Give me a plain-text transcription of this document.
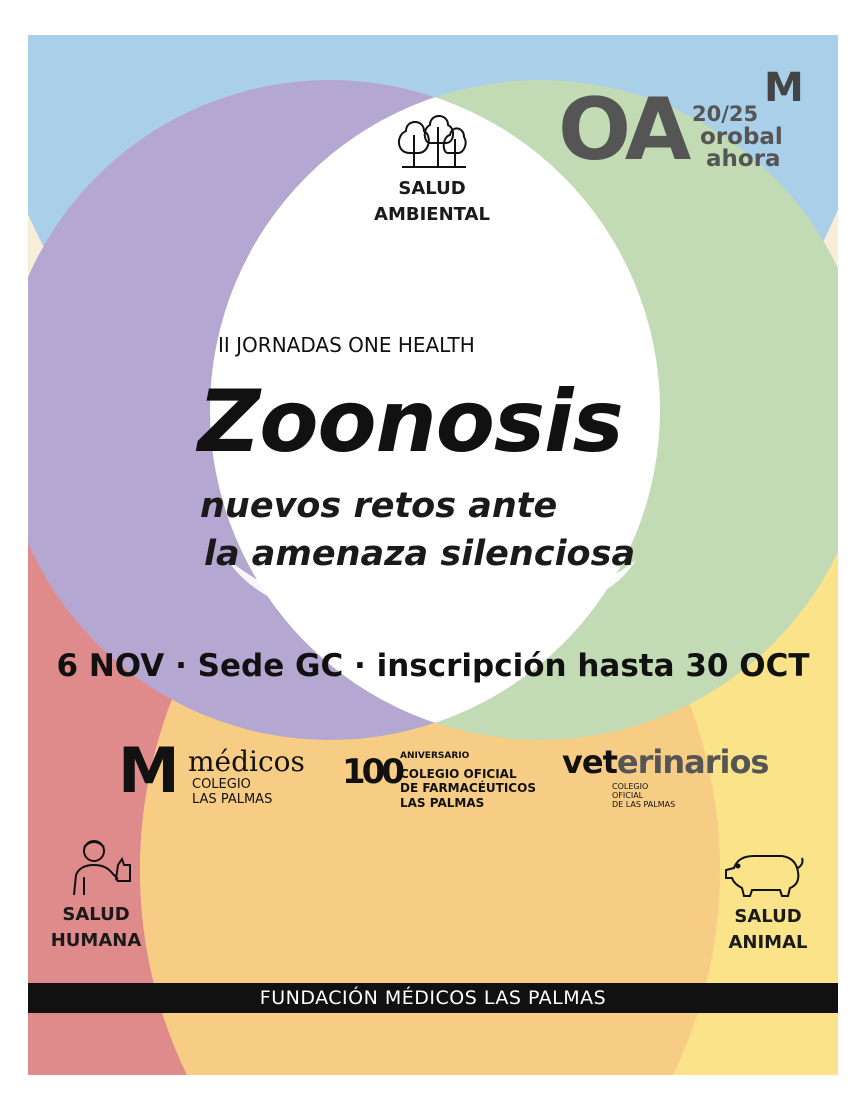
SALUD
AMBIENTAL
OA 20/25
orobal
ahora
M
II JORNADAS ONE HEALTH
Zoonosis
nuevos retos ante
la amenaza silenciosa
6 NOV · Sede GC · inscripción hasta 30 OCT
M médicos
COLEGIO
LAS PALMAS
100 ANIVERSARIO
COLEGIO OFICIAL
DE FARMACÉUTICOS
LAS PALMAS
veterinarios
COLEGIO
OFICIAL
DE LAS PALMAS
SALUD
HUMANA
SALUD
ANIMAL
FUNDACIÓN MÉDICOS LAS PALMAS
